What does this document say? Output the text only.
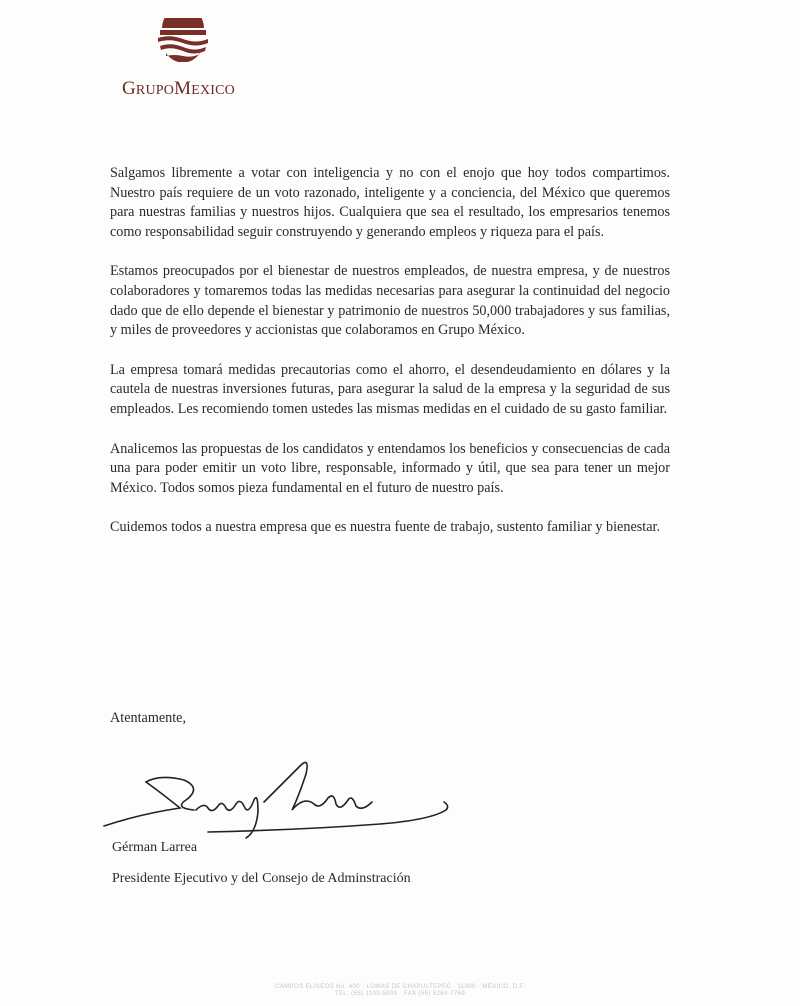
GRUPOMEXICO

Salgamos libremente a votar con inteligencia y no con el enojo que hoy todos compartimos. Nuestro país requiere de un voto razonado, inteligente y a conciencia, del México que queremos para nuestras familias y nuestros hijos. Cualquiera que sea el resultado, los empresarios tenemos como responsabilidad seguir construyendo y generando empleos y riqueza para el país.

Estamos preocupados por el bienestar de nuestros empleados, de nuestra empresa, y de nuestros colaboradores y tomaremos todas las medidas necesarias para asegurar la continuidad del negocio dado que de ello depende el bienestar y patrimonio de nuestros 50,000 trabajadores y sus familias, y miles de proveedores y accionistas que colaboramos en Grupo México.

La empresa tomará medidas precautorias como el ahorro, el desendeudamiento en dólares y la cautela de nuestras inversiones futuras, para asegurar la salud de la empresa y la seguridad de sus empleados. Les recomiendo tomen ustedes las mismas medidas en el cuidado de su gasto familiar.

Analicemos las propuestas de los candidatos y entendamos los beneficios y consecuencias de cada una para poder emitir un voto libre, responsable, informado y útil, que sea para tener un mejor México. Todos somos pieza fundamental en el futuro de nuestro país.

Cuidemos todos a nuestra empresa que es nuestra fuente de trabajo, sustento familiar y bienestar.

Atentamente,
Gérman Larrea
Presidente Ejecutivo y del Consejo de Adminstración
CAMPOS ELÍSEOS No. 400 · LOMAS DE CHAPULTEPEC · 11000 · MÉXICO, D.F.
TEL. (55) 1103-5000 · FAX (55) 5264-7769
